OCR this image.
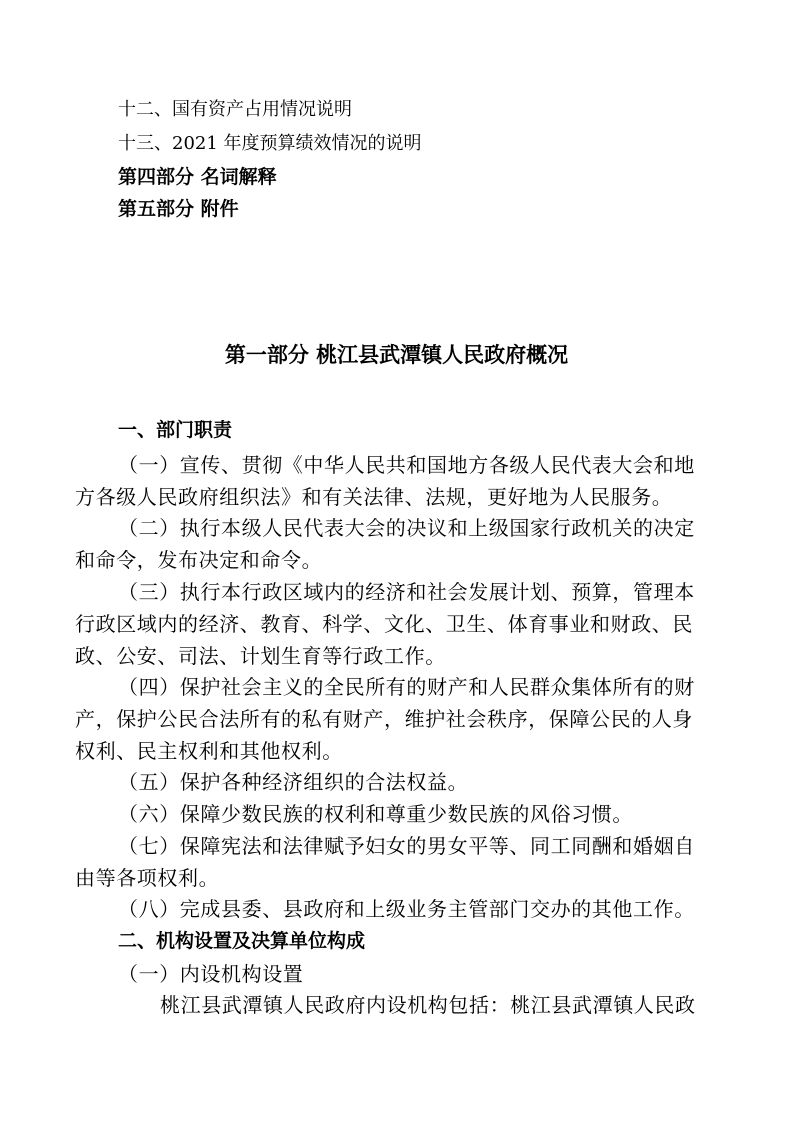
十二、国有资产占用情况说明
十三、2021 年度预算绩效情况的说明
第四部分 名词解释
第五部分 附件
第一部分 桃江县武潭镇人民政府概况
一、部门职责
（一）宣传、贯彻《中华人民共和国地方各级人民代表大会和地
方各级人民政府组织法》和有关法律、法规，更好地为人民服务。
（二）执行本级人民代表大会的决议和上级国家行政机关的决定
和命令，发布决定和命令。
（三）执行本行政区域内的经济和社会发展计划、预算，管理本
行政区域内的经济、教育、科学、文化、卫生、体育事业和财政、民
政、公安、司法、计划生育等行政工作。
（四）保护社会主义的全民所有的财产和人民群众集体所有的财
产，保护公民合法所有的私有财产，维护社会秩序，保障公民的人身
权利、民主权利和其他权利。
（五）保护各种经济组织的合法权益。
（六）保障少数民族的权利和尊重少数民族的风俗习惯。
（七）保障宪法和法律赋予妇女的男女平等、同工同酬和婚姻自
由等各项权利。
（八）完成县委、县政府和上级业务主管部门交办的其他工作。
二、机构设置及决算单位构成
（一）内设机构设置
桃江县武潭镇人民政府内设机构包括：桃江县武潭镇人民政
